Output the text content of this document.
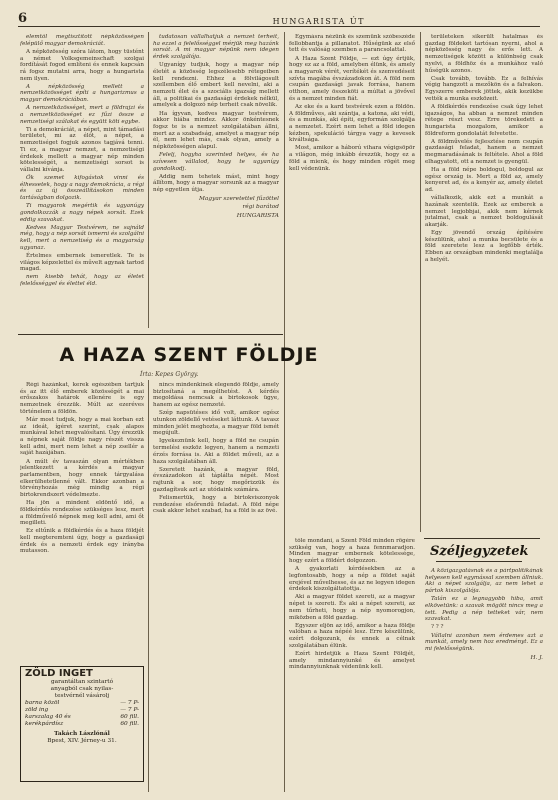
6	HUNGARISTA ÚT

elemtől megtisztított népközösségen felépülő magyar demokráciát.

A népközösség szóra látom, hogy tüstént a német Volksgemeinschaft szolgai fordítását fogod említeni és ennek kapcsán rá fogsz mutatni arra, hogy a hungarista nem ilyen.

A népközösség mellett a nemzetközösséget építi a hungarizmus a magyar demokráciában.

A nemzetközösséget, mert a földrajzi és a nemzetközösséget ez fűzi össze a nemzetiségi szálakat és együtt köti egybe.

Ti a demokráciát, a népet, mint támadási területet, mi az élőt, a népet, a nemzetiséget fogjuk azonos tagjává tenni. Ti ez, a magyar nemzet, a nemzetiségi érdekek mellett a magyar nép minden kötelességét, a nemzetiségi sorsot is vállalni kívánja.

Ők szemet kifogástok vinni és élhessetek, hogy a nagy demokrácia, a régi és az új összeállításokon minden tartáságban dolgozik.

Ti magyarok megértik és ugyanúgy gondolkozzák a nagy népek sorsát. Ezek eddig szavakat.

Kedves Magyar Testvérem, ne sajnáld még, hogy a nép sorsát ismerni és szolgálni kell, mert a nemzetiség és a magyarság ugyanaz.

Értelmes embernek ismeretlek. Te is világos képzelettel és művelt agynak tartod magad.

nem kisebb tehát, hogy az életet felelősséggel és élettel éld.

tudatosan vállalhatjuk a nemzet terheit, ha ezzel a felelősséggel mérjük meg hazánk sorsát. A mi magyar népünk nem idegen érdek szolgálója.

Ugyanígy tudjuk, hogy a magyar nép életét a közösség legszélesebb rétegeiben kell rendezni. Ehhez a fölvilágosult szellemben élő embert kell nevelni, aki a nemzeti élet és a szociális igazság mellett áll, a politikai és gazdasági érdekek nélkül, amelyek a dolgozó nép terheit csak növelik.

Ha ígyvan, kedves magyar testvérem, akkor hiába mindez. Akkor önkéntesnek fogsz te is a nemzet szolgálatában állni, mert az a szabadság, amelyet a magyar nép él, nem lehet más, csak olyan, amely a népközösségen alapul.

Felelj, hogyha szerinted helyes, és ha szívesen vállalod, hogy te ugyanígy gondolkodj.

Addig nem tehetek mást, mint hogy állítom, hogy a magyar sorsunk az a magyar nép egyetlen útja.

Magyar szeretettel fűzöttel
régi barátod
HUNGARISTA

Egymásra nézünk és szemünk szóbeszéde fellobbantja a pillanatot. Hűségünk az első tett és valóság szemben a parancsolattal.

A Haza Szent Földje, — ezt úgy értjük, hogy ez az a föld, amelyben élünk, és amely a magyarok vérét, verítékét és szenvedéseit szívta magába évszázadokon át. A föld nem csupán gazdasági javak forrása, hanem otthon, amely összeköti a múltat a jövővel és a nemzet minden fiát.

Az eke és a kard testvérek ezen a földön. A földműves, aki szántja, a katona, aki védi, és a munkás, aki építi, egyformán szolgálja a nemzetet. Ezért nem lehet a föld idegen kézben, spekuláció tárgya vagy a kevesek kiváltsága.

Most, amikor a háború vihara végigsöpör a világon, még inkább érezzük, hogy ez a föld a mienk, és hogy minden rögét meg kell védenünk.

területeken sikerült hatalmas és gazdag földeket tartósan nyerni, ahol a népközösség nagy és erős lett. A nemzetiségek között a különbség csak nyelvi, a földhöz és a munkához való hűségük azonos.

Csak tovább, tovább. Ez a felhívás végig hangzott a mezőkön és a falvakon. Egyszerre emberek jöttek, akik kezükbe vették a munka eszközeit.

A földkérdés rendezése csak úgy lehet igazságos, ha abban a nemzet minden rétege részt vesz. Erre törekedett a hungarista mozgalom, amikor a földreform gondolatát felvetette.

A földművelés fejlesztése nem csupán gazdasági feladat, hanem a nemzet megmaradásának is feltétele. Ahol a föld elhagyatott, ott a nemzet is gyengül.

Ha a föld népe boldogul, boldogul az egész ország is. Mert a föld az, amely kenyeret ad, és a kenyér az, amely életet ad.

vállalkozik, akik ezt a munkát a hazának szentelik. Ezek az emberek a nemzet legjobbjai, akik nem kérnek jutalmat, csak a nemzet boldogulását akarják.

Egy jövendő ország építésére készülünk, ahol a munka becsülete és a föld szeretete lesz a legfőbb érték. Ebben az országban mindenki megtalálja a helyét.

A HAZA SZENT FÖLDJE
Írta: Kepes György.

Régi hazánkat, kerek egészében tartjuk és az itt élő emberek közösségét a mai erőszakos határok ellenére is egy nemzetnek érezzük. Múlt az ezeréves történelem a földön.

Már most tudjuk, hogy a mai korban ezt az ideát, ígéret szerint, csak alapos munkával lehet megvalósítani. Úgy érezzük a népnek saját földje nagy részét vissza kell adni, mert nem lehet a nép zsellér a saját hazájában.

A múlt év tavaszán olyan mértékben jelentkezett a kérdés a magyar parlamentben, hogy ennek tárgyalása elkerülhetetlenné vált. Ekkor azonban a törvényhozás még mindig a régi birtokrendszert védelmezte.

Ha jön a mindent eldöntő idő, a földkérdés rendezése szükséges lesz, mert a földművelő népnek meg kell adni, ami őt megilleti.

Ez eltűnik a földkérdés és a haza földjét kell megteremteni úgy, hogy a gazdasági érdek és a nemzeti érdek egy irányba mutasson.

nincs mindenkinek elegendő földje, amely biztosítaná a megélhetést. A kérdés megoldása nemcsak a birtokosok ügye, hanem az egész nemzeté.

Szép napsütéses idő volt, amikor egész utunkon zöldellő vetéseket láttunk. A tavasz minden jelét meghozta, a magyar föld ismét megújult.

Igyekeznünk kell, hogy a föld ne csupán termelési eszköz legyen, hanem a nemzeti érzés forrása is. Aki a földet műveli, az a haza szolgálatában áll.

Szeretett hazánk, a magyar föld, évszázadokon át táplálta népét. Most rajtunk a sor, hogy megőrizzük és gazdagítsuk azt az utódaink számára.

Felismertük, hogy a birtokviszonyok rendezése elsőrendű feladat. A föld népe csak akkor lehet szabad, ha a föld is az övé.

tőle mondani, a Szent Föld minden rögére szükség van, hogy a haza fennmaradjon. Minden magyar embernek kötelessége, hogy ezért a földért dolgozzon.

A gyakorlati kérdésekben az a legfontosabb, hogy a nép a földet saját erejével művelhesse, és az ne legyen idegen érdekek kiszolgáltatottja.

Aki a magyar földet szereti, az a magyar népet is szereti. És aki a népet szereti, az nem tűrheti, hogy a nép nyomorogjon, miközben a föld gazdag.

Egyszer eljön az idő, amikor a haza földje valóban a haza népéé lesz. Erre készülünk, ezért dolgozunk, és ennek a célnak szolgálatában élünk.

Ezért hirdetjük a Haza Szent Földjét, amely mindannyiunké és amelyet mindannyiunknak védenünk kell.

ZÖLD INGET
garantáltan szintartó
anyagból csak nyilas-
testvérnél vásárolj
barna közöl	— 7 P-
zöld ing	— 7 P-
karszalag 40 és	60 fill.
kerékpárdísz	60 fill.
Takách Lászlónál
Bpest, XIV. Jérney-u 31.
Széljegyzetek

A közigazgatásnak és a pártpolitikának helyesen kell egymással szemben állniuk. Aki a népet szolgálja, az nem lehet a pártok kiszolgálója.

Talán ez a legnagyobb hiba, amit elkövetünk: a szavak mögött nincs meg a tett. Pedig a nép tetteket vár, nem szavakat.

? ? ?

Vállalni azonban nem érdemes azt a munkát, amely nem hoz eredményt. Ez a mi felelősségünk.

H. J.
